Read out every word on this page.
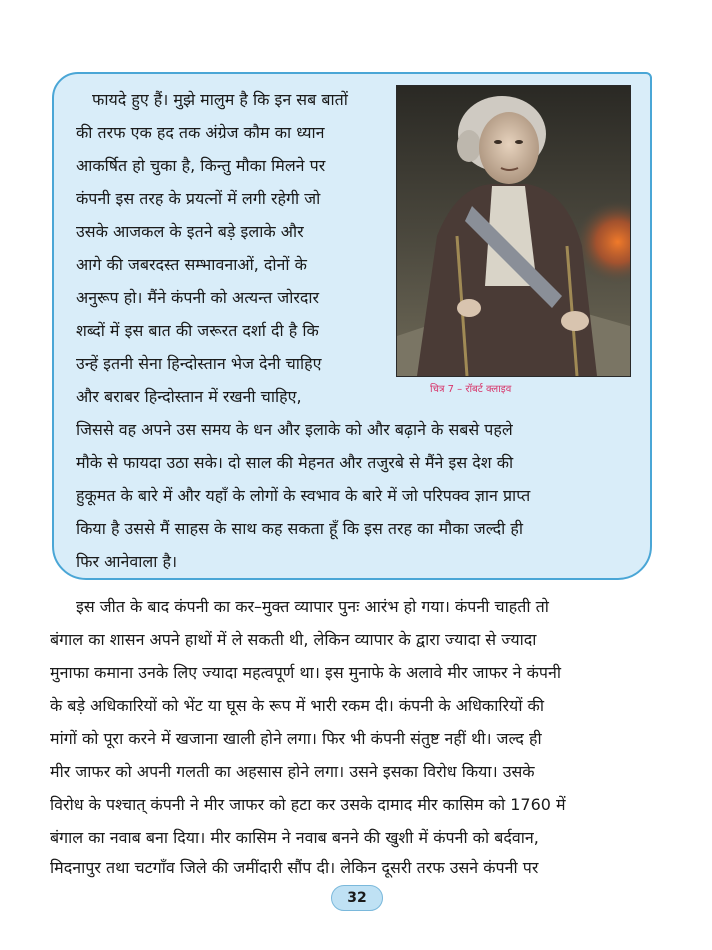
फायदे हुए हैं। मुझे मालुम है कि इन सब बातों
की तरफ एक हद तक अंग्रेज कौम का ध्यान
आकर्षित हो चुका है, किन्तु मौका मिलने पर
कंपनी इस तरह के प्रयत्नों में लगी रहेगी जो
उसके आजकल के इतने बड़े इलाके और
आगे की जबरदस्त सम्भावनाओं, दोनों के
अनुरूप हो। मैंने कंपनी को अत्यन्त जोरदार
शब्दों में इस बात की जरूरत दर्शा दी है कि
उन्हें इतनी सेना हिन्दोस्तान भेज देनी चाहिए
और बराबर हिन्दोस्तान में रखनी चाहिए,
जिससे वह अपने उस समय के धन और इलाके को और बढ़ाने के सबसे पहले
मौके से फायदा उठा सके। दो साल की मेहनत और तजुरबे से मैंने इस देश की
हुकूमत के बारे में और यहाँ के लोगों के स्वभाव के बारे में जो परिपक्व ज्ञान प्राप्त
किया है उससे मैं साहस के साथ कह सकता हूँ कि इस तरह का मौका जल्दी ही
फिर आनेवाला है।
चित्र 7 – रॉबर्ट क्लाइव
इस जीत के बाद कंपनी का कर–मुक्त व्यापार पुनः आरंभ हो गया। कंपनी चाहती तो
बंगाल का शासन अपने हाथों में ले सकती थी, लेकिन व्यापार के द्वारा ज्यादा से ज्यादा
मुनाफा कमाना उनके लिए ज्यादा महत्वपूर्ण था। इस मुनाफे के अलावे मीर जाफर ने कंपनी
के बड़े अधिकारियों को भेंट या घूस के रूप में भारी रकम दी। कंपनी के अधिकारियों की
मांगों को पूरा करने में खजाना खाली होने लगा। फिर भी कंपनी संतुष्ट नहीं थी। जल्द ही
मीर जाफर को अपनी गलती का अहसास होने लगा। उसने इसका विरोध किया। उसके
विरोध के पश्चात् कंपनी ने मीर जाफर को हटा कर उसके दामाद मीर कासिम को 1760 में
बंगाल का नवाब बना दिया। मीर कासिम ने नवाब बनने की खुशी में कंपनी को बर्दवान,
मिदनापुर तथा चटगाँव जिले की जमींदारी सौंप दी। लेकिन दूसरी तरफ उसने कंपनी पर
32
